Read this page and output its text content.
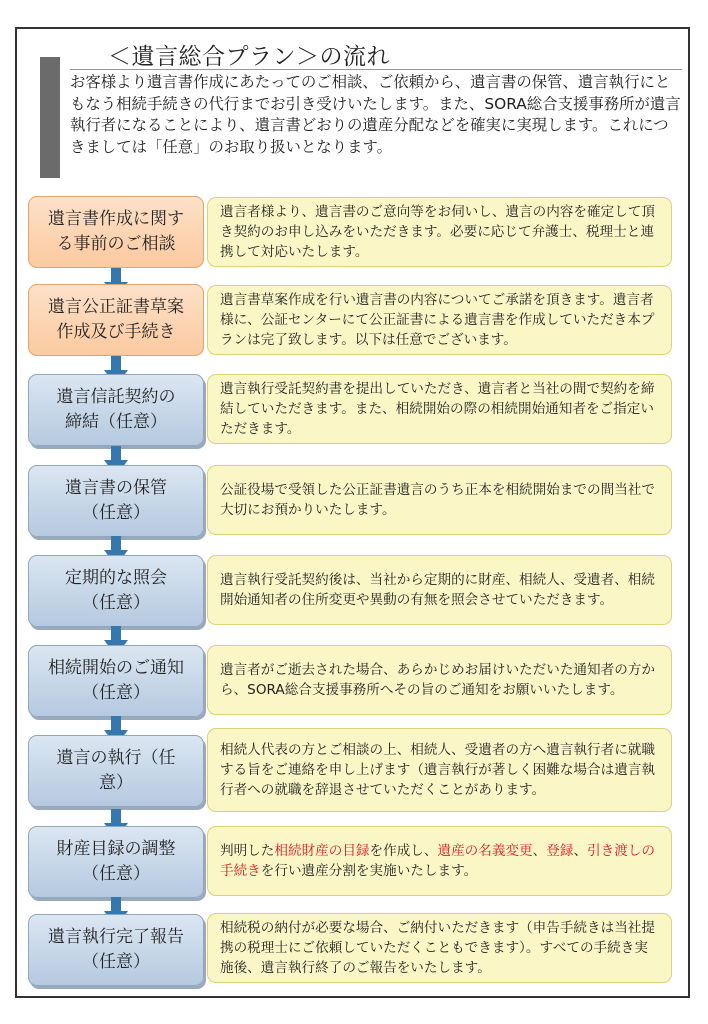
＜遺言総合プラン＞の流れ
お客様より遺言書作成にあたってのご相談、ご依頼から、遺言書の保管、遺言執行にともなう相続手続きの代行までお引き受けいたします。また、SORA総合支援事務所が遺言執行者になることにより、遺言書どおりの遺産分配などを確実に実現します。これにつきましては「任意」のお取り扱いとなります。
遺言書作成に関する事前のご相談
遺言者様より、遺言書のご意向等をお伺いし、遺言の内容を確定して頂き契約のお申し込みをいただきます。必要に応じて弁護士、税理士と連携して対応いたします。
遺言公正証書草案作成及び手続き
遺言書草案作成を行い遺言書の内容についてご承諾を頂きます。遺言者様に、公証センターにて公正証書による遺言書を作成していただき本プランは完了致します。以下は任意でございます。
遺言信託契約の締結（任意）
遺言執行受託契約書を提出していただき、遺言者と当社の間で契約を締結していただきます。また、相続開始の際の相続開始通知者をご指定いただきます。
遺言書の保管（任意）
公証役場で受領した公正証書遺言のうち正本を相続開始までの間当社で大切にお預かりいたします。
定期的な照会（任意）
遺言執行受託契約後は、当社から定期的に財産、相続人、受遺者、相続開始通知者の住所変更や異動の有無を照会させていただきます。
相続開始のご通知（任意）
遺言者がご逝去された場合、あらかじめお届けいただいた通知者の方から、SORA総合支援事務所へその旨のご通知をお願いいたします。
遺言の執行（任意）
相続人代表の方とご相談の上、相続人、受遺者の方へ遺言執行者に就職する旨をご連絡を申し上げます（遺言執行が著しく困難な場合は遺言執行者への就職を辞退させていただくことがあります。
財産目録の調整（任意）
判明した相続財産の目録を作成し、遺産の名義変更、登録、引き渡しの手続きを行い遺産分割を実施いたします。
遺言執行完了報告（任意）
相続税の納付が必要な場合、ご納付いただきます（申告手続きは当社提携の税理士にご依頼していただくこともできます）。すべての手続き実施後、遺言執行終了のご報告をいたします。
